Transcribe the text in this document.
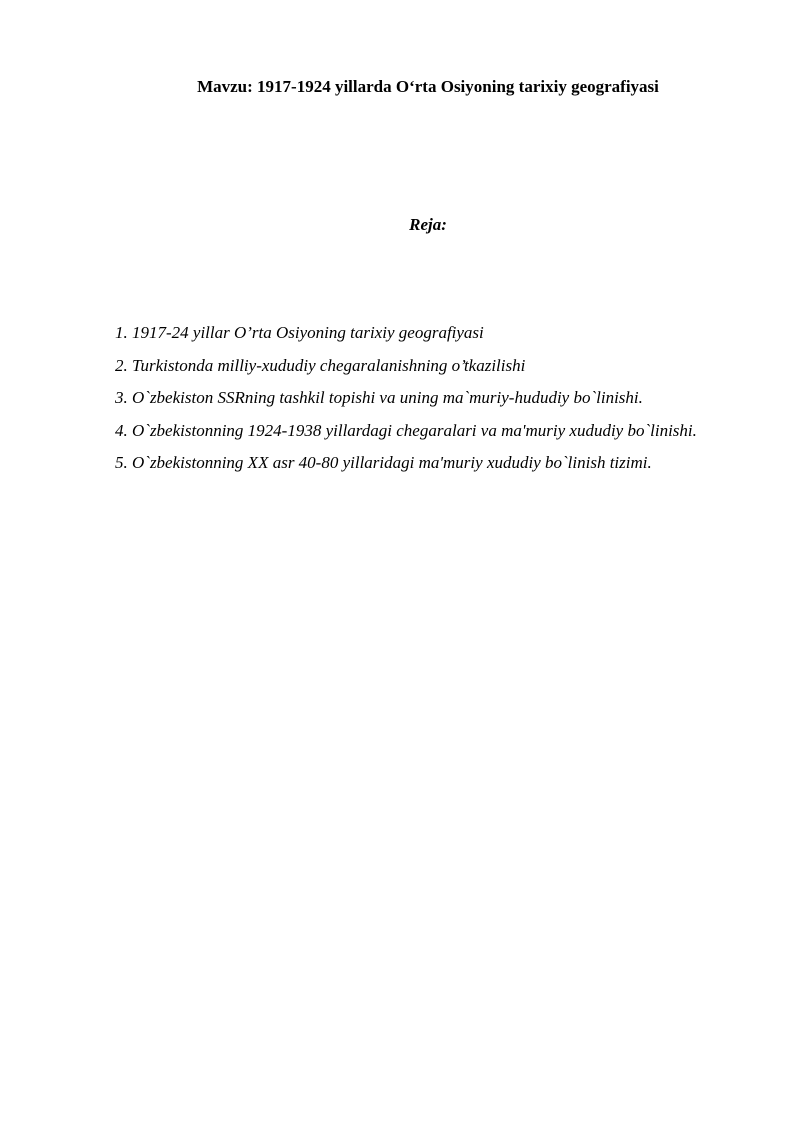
Mavzu: 1917-1924 yillarda O‘rta Osiyoning tarixiy geografiyasi
Reja:
1. 1917-24 yillar O’rta Osiyoning tarixiy geografiyasi
2. Turkistonda milliy-xududiy chegaralanishning o’tkazilishi
3. O`zbekiston SSRning tashkil topishi va uning ma`muriy-hududiy bo`linishi.
4. O`zbekistonning 1924-1938 yillardagi chegaralari va ma'muriy xududiy bo`linishi.
5. O`zbekistonning XX asr 40-80 yillaridagi ma'muriy xududiy bo`linish tizimi.
